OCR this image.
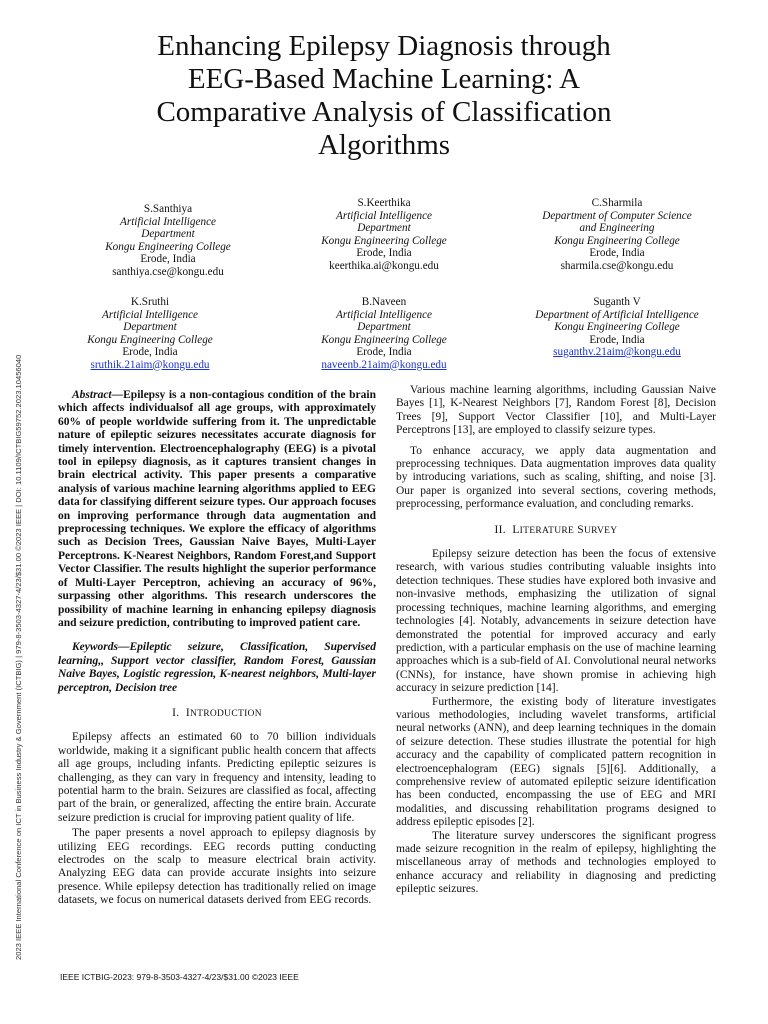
2023 IEEE International Conference on ICT in Business Industry & Government (ICTBIG) | 979-8-3503-4327-4/23/$31.00 ©2023 IEEE | DOI: 10.1109/ICTBIG59752.2023.10456040
Enhancing Epilepsy Diagnosis through EEG-Based Machine Learning: A Comparative Analysis of Classification Algorithms
S.Santhiya
Artificial Intelligence
Department
Kongu Engineering College
Erode, India
santhiya.cse@kongu.edu
S.Keerthika
Artificial Intelligence
Department
Kongu Engineering College
Erode, India
keerthika.ai@kongu.edu
C.Sharmila
Department of Computer Science
and Engineering
Kongu Engineering College
Erode, India
sharmila.cse@kongu.edu
K.Sruthi
Artificial Intelligence
Department
Kongu Engineering College
Erode, India
sruthik.21aim@kongu.edu
B.Naveen
Artificial Intelligence
Department
Kongu Engineering College
Erode, India
naveenb.21aim@kongu.edu
Suganth V
Department of Artificial Intelligence
Kongu Engineering College
Erode, India
suganthv.21aim@kongu.edu

Abstract—Epilepsy is a non-contagious condition of the brain which affects individualsof all age groups, with approximately 60% of people worldwide suffering from it. The unpredictable nature of epileptic seizures necessitates accurate diagnosis for timely intervention. Electroencephalography (EEG) is a pivotal tool in epilepsy diagnosis, as it captures transient changes in brain electrical activity. This paper presents a comparative analysis of various machine learning algorithms applied to EEG data for classifying different seizure types. Our approach focuses on improving performance through data augmentation and preprocessing techniques. We explore the efficacy of algorithms such as Decision Trees, Gaussian Naive Bayes, Multi-Layer Perceptrons. K-Nearest Neighbors, Random Forest,and Support Vector Classifier. The results highlight the superior performance of Multi-Layer Perceptron, achieving an accuracy of 96%, surpassing other algorithms. This research underscores the possibility of machine learning in enhancing epilepsy diagnosis and seizure prediction, contributing to improved patient care.

Keywords—Epileptic seizure, Classification, Supervised learning,, Support vector classifier, Random Forest, Gaussian Naive Bayes, Logistic regression, K-nearest neighbors, Multi-layer perceptron, Decision tree

I. INTRODUCTION

Epilepsy affects an estimated 60 to 70 billion individuals worldwide, making it a significant public health concern that affects all age groups, including infants. Predicting epileptic seizures is challenging, as they can vary in frequency and intensity, leading to potential harm to the brain. Seizures are classified as focal, affecting part of the brain, or generalized, affecting the entire brain. Accurate seizure prediction is crucial for improving patient quality of life.

The paper presents a novel approach to epilepsy diagnosis by utilizing EEG recordings. EEG records putting conducting electrodes on the scalp to measure electrical brain activity. Analyzing EEG data can provide accurate insights into seizure presence. While epilepsy detection has traditionally relied on image datasets, we focus on numerical datasets derived from EEG records.

Various machine learning algorithms, including Gaussian Naive Bayes [1], K-Nearest Neighbors [7], Random Forest [8], Decision Trees [9], Support Vector Classifier [10], and Multi-Layer Perceptrons [13], are employed to classify seizure types.

To enhance accuracy, we apply data augmentation and preprocessing techniques. Data augmentation improves data quality by introducing variations, such as scaling, shifting, and noise [3]. Our paper is organized into several sections, covering methods, preprocessing, performance evaluation, and concluding remarks.

II. LITERATURE SURVEY

Epilepsy seizure detection has been the focus of extensive research, with various studies contributing valuable insights into detection techniques. These studies have explored both invasive and non-invasive methods, emphasizing the utilization of signal processing techniques, machine learning algorithms, and emerging technologies [4]. Notably, advancements in seizure detection have demonstrated the potential for improved accuracy and early prediction, with a particular emphasis on the use of machine learning approaches which is a sub-field of AI. Convolutional neural networks (CNNs), for instance, have shown promise in achieving high accuracy in seizure prediction [14].

Furthermore, the existing body of literature investigates various methodologies, including wavelet transforms, artificial neural networks (ANN), and deep learning techniques in the domain of seizure detection. These studies illustrate the potential for high accuracy and the capability of complicated pattern recognition in electroencephalogram (EEG) signals [5][6]. Additionally, a comprehensive review of automated epileptic seizure identification has been conducted, encompassing the use of EEG and MRI modalities, and discussing rehabilitation programs designed to address epileptic episodes [2].

The literature survey underscores the significant progress made seizure recognition in the realm of epilepsy, highlighting the miscellaneous array of methods and technologies employed to enhance accuracy and reliability in diagnosing and predicting epileptic seizures.

IEEE ICTBIG-2023: 979-8-3503-4327-4/23/$31.00 ©2023 IEEE
